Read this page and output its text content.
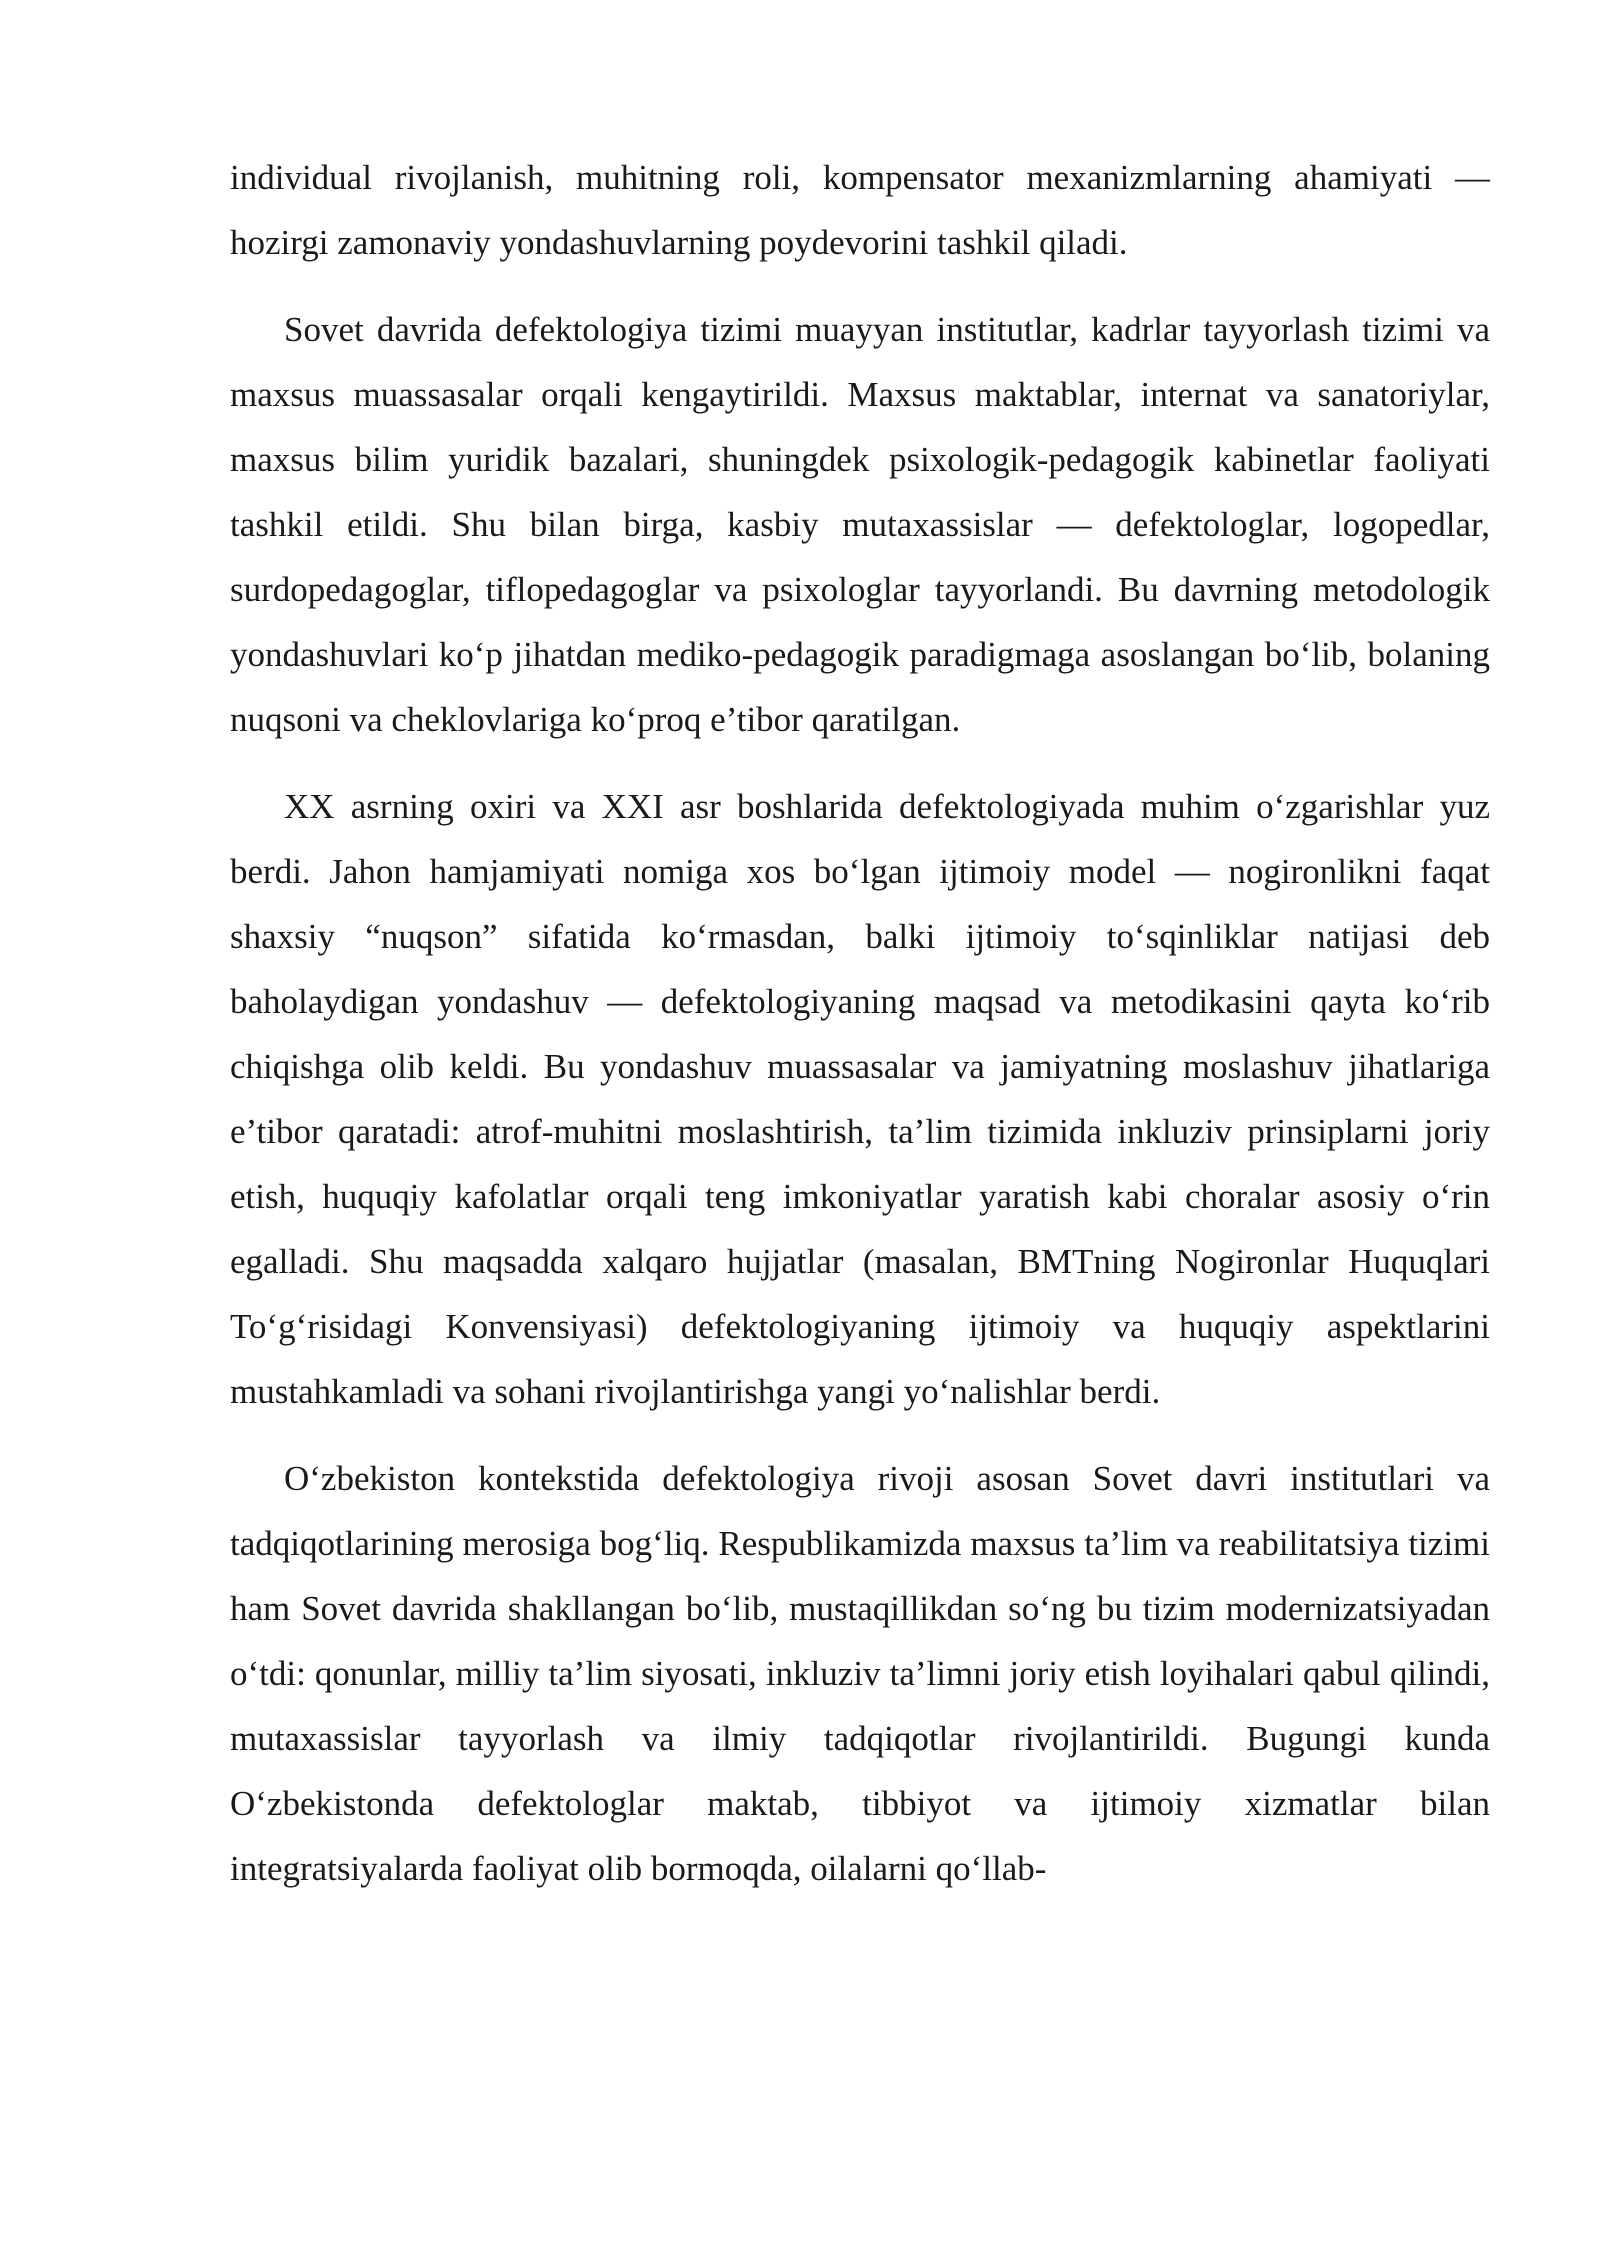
individual rivojlanish, muhitning roli, kompensator mexanizmlarning ahamiyati — hozirgi zamonaviy yondashuvlarning poydevorini tashkil qiladi.

Sovet davrida defektologiya tizimi muayyan institutlar, kadrlar tayyorlash tizimi va maxsus muassasalar orqali kengaytirildi. Maxsus maktablar, internat va sanatoriylar, maxsus bilim yuridik bazalari, shuningdek psixologik-pedagogik kabinetlar faoliyati tashkil etildi. Shu bilan birga, kasbiy mutaxassislar — defektologlar, logopedlar, surdopedagoglar, tiflopedagoglar va psixologlar tayyorlandi. Bu davrning metodologik yondashuvlari ko‘p jihatdan mediko-pedagogik paradigmaga asoslangan bo‘lib, bolaning nuqsoni va cheklovlariga ko‘proq e’tibor qaratilgan.

XX asrning oxiri va XXI asr boshlarida defektologiyada muhim o‘zgarishlar yuz berdi. Jahon hamjamiyati nomiga xos bo‘lgan ijtimoiy model — nogironlikni faqat shaxsiy “nuqson” sifatida ko‘rmasdan, balki ijtimoiy to‘sqinliklar natijasi deb baholaydigan yondashuv — defektologiyaning maqsad va metodikasini qayta ko‘rib chiqishga olib keldi. Bu yondashuv muassasalar va jamiyatning moslashuv jihatlariga e’tibor qaratadi: atrof-muhitni moslashtirish, ta’lim tizimida inkluziv prinsiplarni joriy etish, huquqiy kafolatlar orqali teng imkoniyatlar yaratish kabi choralar asosiy o‘rin egalladi. Shu maqsadda xalqaro hujjatlar (masalan, BMTning Nogironlar Huquqlari To‘g‘risidagi Konvensiyasi) defektologiyaning ijtimoiy va huquqiy aspektlarini mustahkamladi va sohani rivojlantirishga yangi yo‘nalishlar berdi.

O‘zbekiston kontekstida defektologiya rivoji asosan Sovet davri institutlari va tadqiqotlarining merosiga bog‘liq. Respublikamizda maxsus ta’lim va reabilitatsiya tizimi ham Sovet davrida shakllangan bo‘lib, mustaqillikdan so‘ng bu tizim modernizatsiyadan o‘tdi: qonunlar, milliy ta’lim siyosati, inkluziv ta’limni joriy etish loyihalari qabul qilindi, mutaxassislar tayyorlash va ilmiy tadqiqotlar rivojlantirildi. Bugungi kunda O‘zbekistonda defektologlar maktab, tibbiyot va ijtimoiy xizmatlar bilan integratsiyalarda faoliyat olib bormoqda, oilalarni qo‘llab-
